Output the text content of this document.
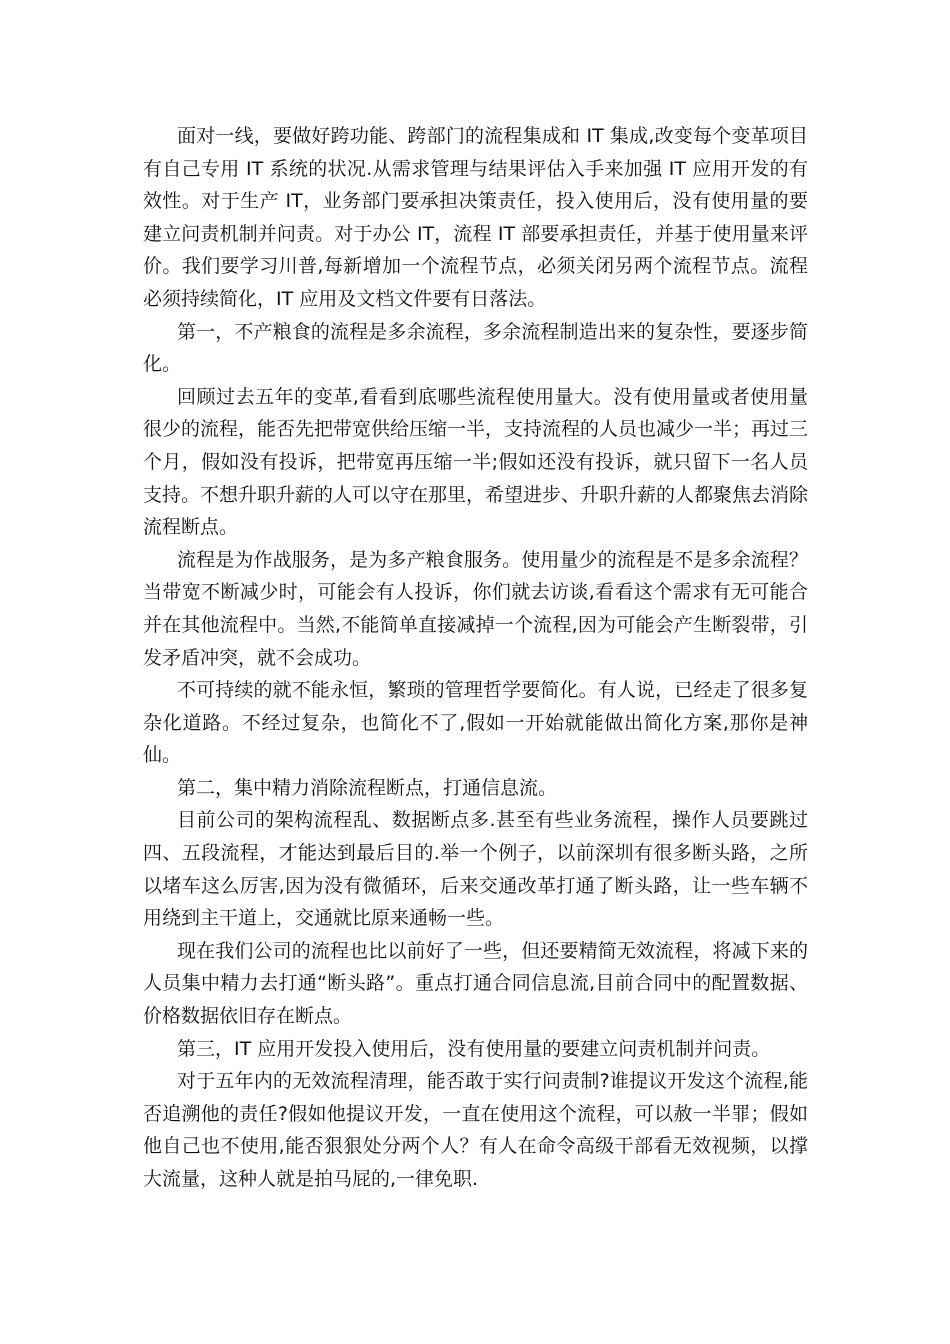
面对一线，要做好跨功能、跨部门的流程集成和 IT 集成,改变每个变革项目有自己专用 IT 系统的状况.从需求管理与结果评估入手来加强 IT 应用开发的有效性。对于生产 IT，业务部门要承担决策责任，投入使用后，没有使用量的要建立问责机制并问责。对于办公 IT，流程 IT 部要承担责任，并基于使用量来评价。我们要学习川普,每新增加一个流程节点，必须关闭另两个流程节点。流程必须持续简化，IT 应用及文档文件要有日落法。

第一，不产粮食的流程是多余流程，多余流程制造出来的复杂性，要逐步简化。

回顾过去五年的变革,看看到底哪些流程使用量大。没有使用量或者使用量很少的流程，能否先把带宽供给压缩一半，支持流程的人员也减少一半；再过三个月，假如没有投诉，把带宽再压缩一半;假如还没有投诉，就只留下一名人员支持。不想升职升薪的人可以守在那里，希望进步、升职升薪的人都聚焦去消除流程断点。

流程是为作战服务，是为多产粮食服务。使用量少的流程是不是多余流程？当带宽不断减少时，可能会有人投诉，你们就去访谈,看看这个需求有无可能合并在其他流程中。当然,不能简单直接减掉一个流程,因为可能会产生断裂带，引发矛盾冲突，就不会成功。

不可持续的就不能永恒，繁琐的管理哲学要简化。有人说，已经走了很多复杂化道路。不经过复杂，也简化不了,假如一开始就能做出简化方案,那你是神仙。

第二，集中精力消除流程断点，打通信息流。

目前公司的架构流程乱、数据断点多.甚至有些业务流程，操作人员要跳过四、五段流程，才能达到最后目的.举一个例子，以前深圳有很多断头路，之所以堵车这么厉害,因为没有微循环，后来交通改革打通了断头路，让一些车辆不用绕到主干道上，交通就比原来通畅一些。

现在我们公司的流程也比以前好了一些，但还要精简无效流程，将减下来的人员集中精力去打通“断头路”。重点打通合同信息流,目前合同中的配置数据、价格数据依旧存在断点。

第三，IT 应用开发投入使用后，没有使用量的要建立问责机制并问责。

对于五年内的无效流程清理，能否敢于实行问责制?谁提议开发这个流程,能否追溯他的责任?假如他提议开发，一直在使用这个流程，可以赦一半罪；假如他自己也不使用,能否狠狠处分两个人？有人在命令高级干部看无效视频，以撑大流量，这种人就是拍马屁的,一律免职.
